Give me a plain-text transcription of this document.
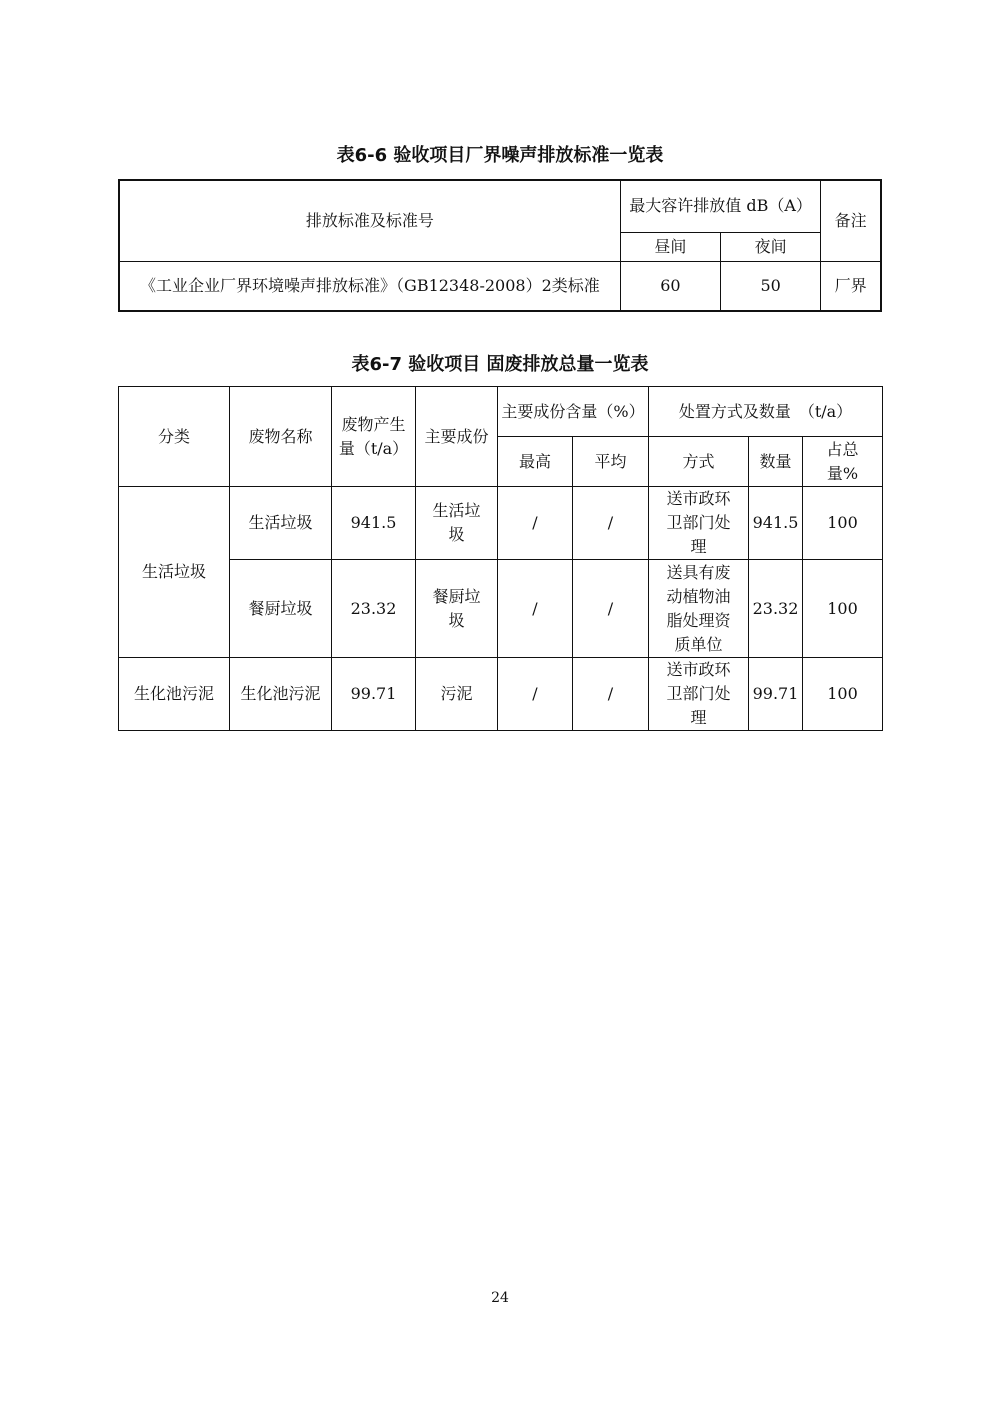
表6-6 验收项目厂界噪声排放标准一览表
排放标准及标准号	最大容许排放值 dB（A）		备注
	昼间	夜间	
《工业企业厂界环境噪声排放标准》（GB12348-2008）2类标准	60	50	厂界
表6-7 验收项目 固废排放总量一览表
分类	废物名称	废物产生量（t/a）	主要成份	主要成份含量（%）		处置方式及数量　（t/a）		
				最高	平均	方式	数量	占总量%
生活垃圾	生活垃圾	941.5	生活垃圾	/	/	送市政环卫部门处理	941.5	100
	餐厨垃圾	23.32	餐厨垃圾	/	/	送具有废动植物油脂处理资质单位	23.32	100
生化池污泥	生化池污泥	99.71	污泥	/	/	送市政环卫部门处理	99.71	100
24
